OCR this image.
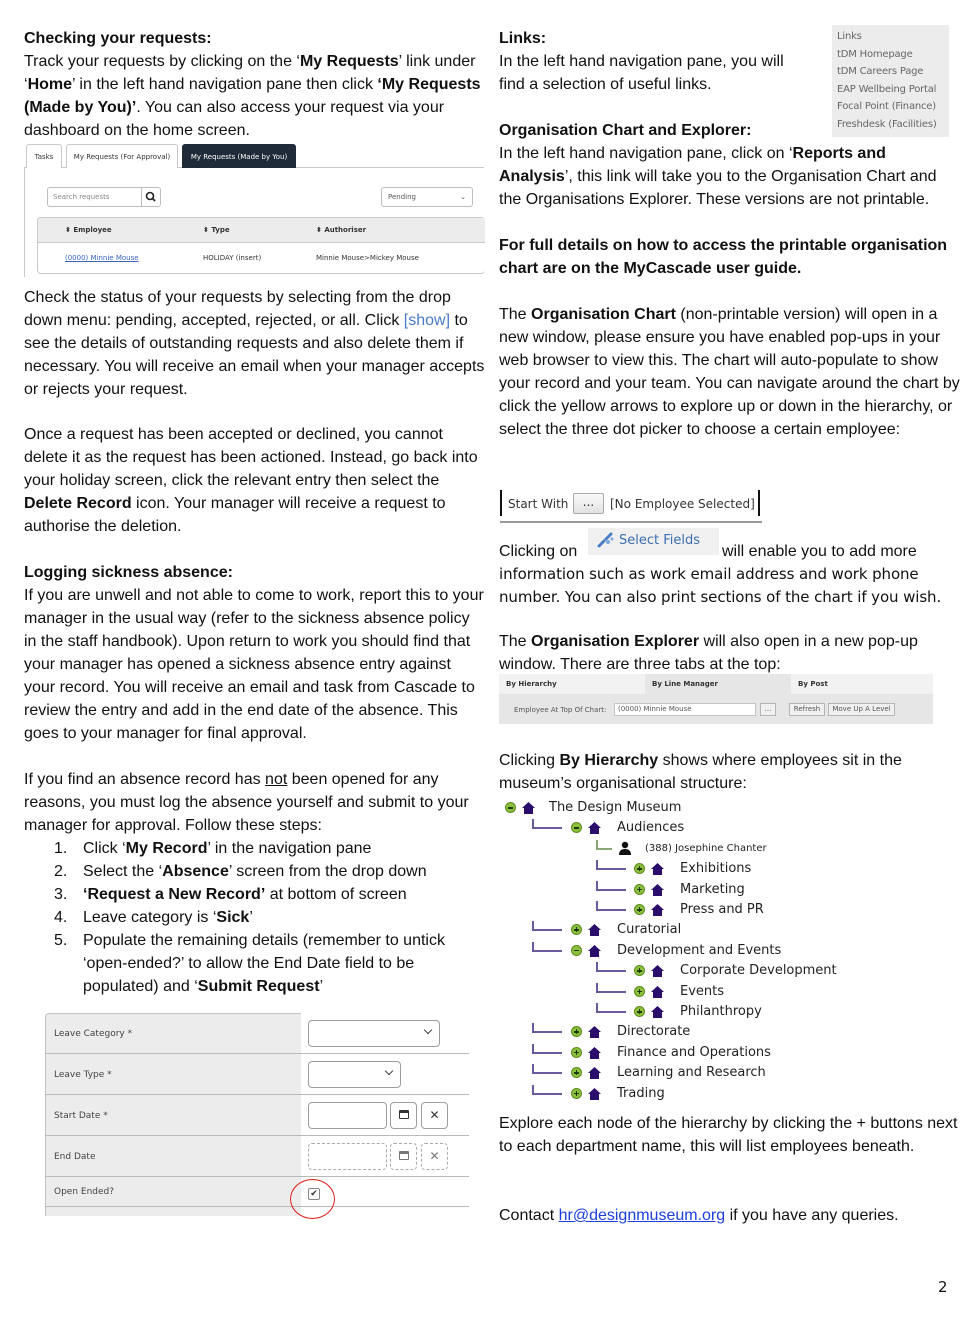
Checking your requests:
Track your requests by clicking on the ‘My Requests’ link under ‘Home’ in the left hand navigation pane then click ‘My Requests (Made by You)’. You can also access your request via your dashboard on the home screen.
Tasks	My Requests (For Approval)	My Requests (Made by You)
Search requests	Pending	⌄
⬍ Employee	⬍ Type	⬍ Authoriser
(0000) Minnie Mouse	HOLIDAY (insert)	Minnie Mouse>Mickey Mouse
Check the status of your requests by selecting from the drop down menu: pending, accepted, rejected, or all. Click [show] to see the details of outstanding requests and also delete them if necessary. You will receive an email when your manager accepts or rejects your request.
Once a request has been accepted or declined, you cannot delete it as the request has been actioned. Instead, go back into your holiday screen, click the relevant entry then select the Delete Record icon. Your manager will receive a request to authorise the deletion.
Logging sickness absence:
If you are unwell and not able to come to work, report this to your manager in the usual way (refer to the sickness absence policy in the staff handbook). Upon return to work you should find that your manager has opened a sickness absence entry against your record. You will receive an email and task from Cascade to review the entry and add in the end date of the absence. This goes to your manager for final approval.
If you find an absence record has not been opened for any reasons, you must log the absence yourself and submit to your manager for approval. Follow these steps:
1. Click ‘My Record’ in the navigation pane
2. Select the ‘Absence’ screen from the drop down
3. ‘Request a New Record’ at bottom of screen
4. Leave category is ‘Sick’
5. Populate the remaining details (remember to untick ‘open-ended?’ to allow the End Date field to be populated) and ‘Submit Request’
Leave Category *
Leave Type *
Start Date *	✕
End Date	✕
Open Ended?	✔
Links:
In the left hand navigation pane, you will find a selection of useful links.
Links
tDM Homepage
tDM Careers Page
EAP Wellbeing Portal
Focal Point (Finance)
Freshdesk (Facilities)
Organisation Chart and Explorer:
In the left hand navigation pane, click on ‘Reports and Analysis’, this link will take you to the Organisation Chart and the Organisations Explorer. These versions are not printable.
For full details on how to access the printable organisation chart are on the MyCascade user guide.
The Organisation Chart (non-printable version) will open in a new window, please ensure you have enabled pop-ups in your web browser to view this. The chart will auto-populate to show your record and your team. You can navigate around the chart by click the yellow arrows to explore up or down in the hierarchy, or select the three dot picker to choose a certain employee:
Start With	...	[No Employee Selected]
Clicking on
Select Fields
will enable you to add more
information such as work email address and work phone number. You can also print sections of the chart if you wish.
The Organisation Explorer will also open in a new pop-up window. There are three tabs at the top:
By Hierarchy	By Line Manager	By Post
Employee At Top Of Chart:	(0000) Minnie Mouse	...	Refresh	Move Up A Level
Clicking By Hierarchy shows where employees sit in the museum’s organisational structure:
The Design Museum
Audiences
(388) Josephine Chanter
Exhibitions
Marketing
Press and PR
Curatorial
Development and Events
Corporate Development
Events
Philanthropy
Directorate
Finance and Operations
Learning and Research
Trading
Explore each node of the hierarchy by clicking the + buttons next to each department name, this will list employees beneath.
Contact hr@designmuseum.org if you have any queries.
2
